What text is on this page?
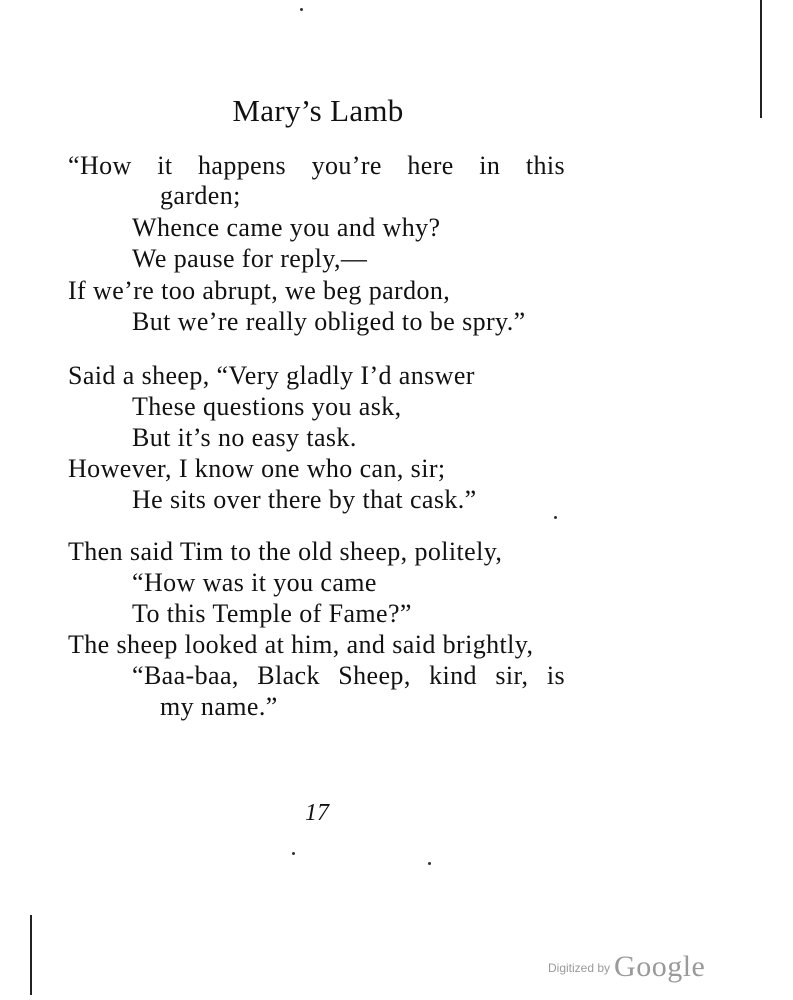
Mary’s Lamb
“How it happens you’re here in this
garden;
Whence came you and why?
We pause for reply,—
If we’re too abrupt, we beg pardon,
But we’re really obliged to be spry.”
Said a sheep, “Very gladly I’d answer
These questions you ask,
But it’s no easy task.
However, I know one who can, sir;
He sits over there by that cask.”
Then said Tim to the old sheep, politely,
“How was it you came
To this Temple of Fame?”
The sheep looked at him, and said brightly,
“Baa-baa, Black Sheep, kind sir, is
my name.”
17
$^{Digitized by}$ Google
